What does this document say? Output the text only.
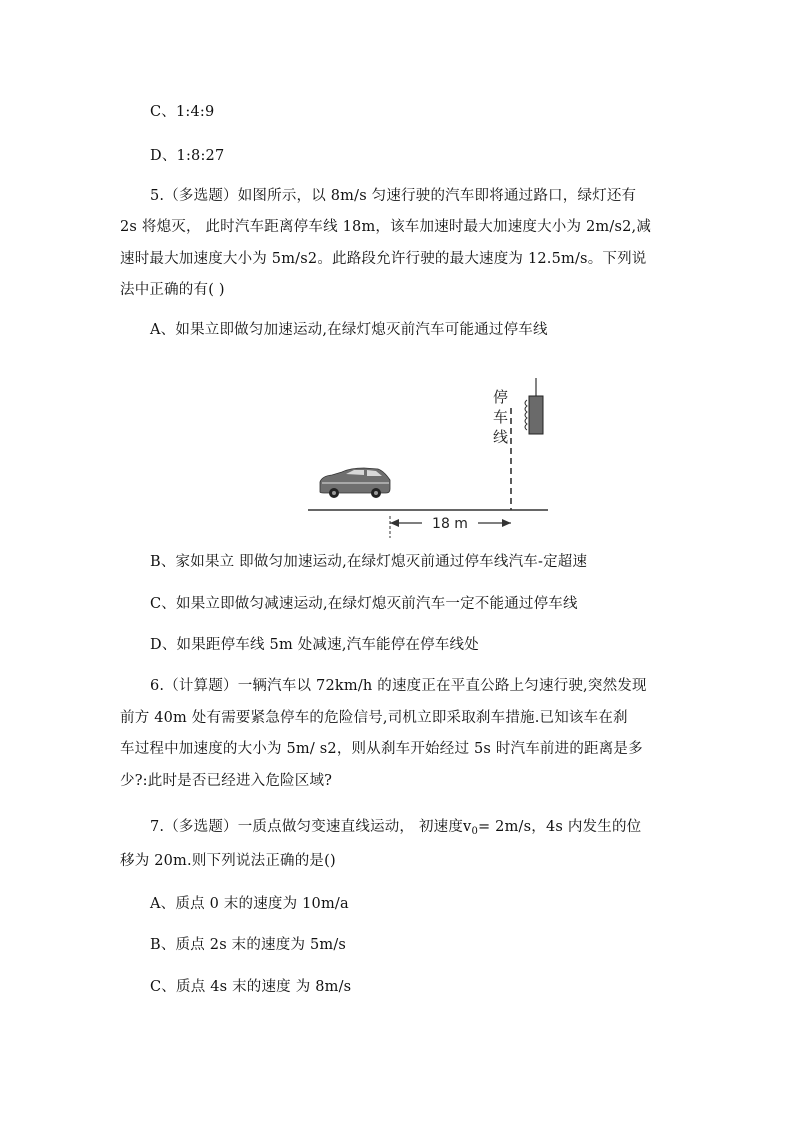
C、1:4:9
D、1:8:27
5.（多选题）如图所示，以 8m/s 匀速行驶的汽车即将通过路口，绿灯还有
2s 将熄灭， 此时汽车距离停车线 18m，该车加速时最大加速度大小为 2m/s2,减
速时最大加速度大小为 5m/s2。此路段允许行驶的最大速度为 12.5m/s。下列说
法中正确的有( )
A、如果立即做匀加速运动,在绿灯熄灭前汽车可能通过停车线
停
车
线
18 m
B、家如果立 即做匀加速运动,在绿灯熄灭前通过停车线汽车-定超速
C、如果立即做匀减速运动,在绿灯熄灭前汽车一定不能通过停车线
D、如果距停车线 5m 处减速,汽车能停在停车线处
6.（计算题）一辆汽车以 72km/h 的速度正在平直公路上匀速行驶,突然发现
前方 40m 处有需要紧急停车的危险信号,司机立即采取刹车措施.已知该车在刹
车过程中加速度的大小为 5m/ s2，则从刹车开始经过 5s 时汽车前进的距离是多
少?:此时是否已经进入危险区域?
7.（多选题）一质点做匀变速直线运动， 初速度$v_0= 2m/s$，4s 内发生的位
移为 20m.则下列说法正确的是()
A、质点 0 末的速度为 10m/a
B、质点 2s 末的速度为 5m/s
C、质点 4s 末的速度 为 8m/s
